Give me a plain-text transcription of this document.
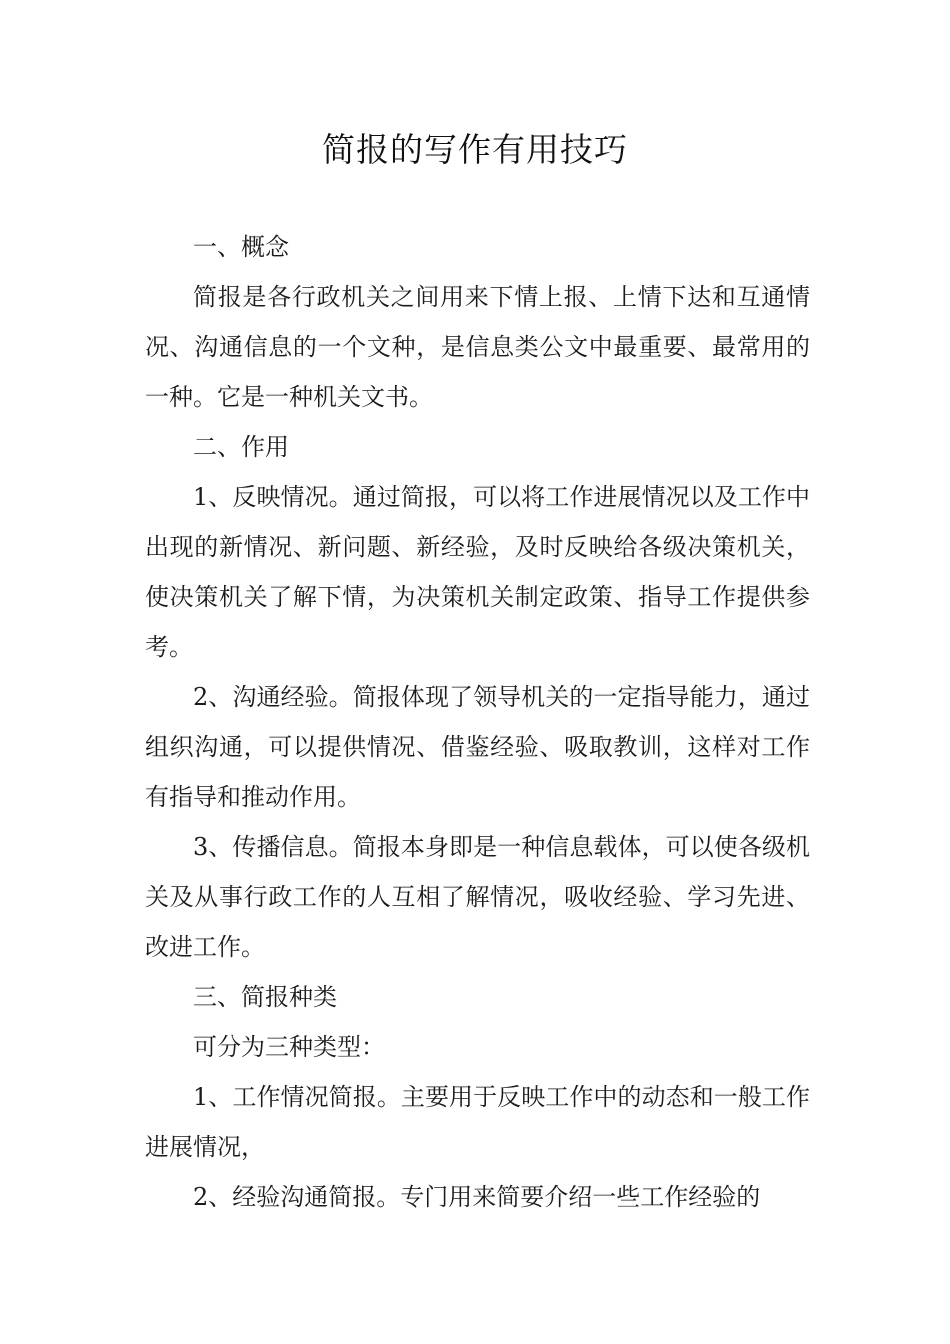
简报的写作有用技巧

一、概念

简报是各行政机关之间用来下情上报、上情下达和互通情况、沟通信息的一个文种，是信息类公文中最重要、最常用的一种。它是一种机关文书。

二、作用

1、反映情况。通过简报，可以将工作进展情况以及工作中出现的新情况、新问题、新经验，及时反映给各级决策机关，使决策机关了解下情，为决策机关制定政策、指导工作提供参考。

2、沟通经验。简报体现了领导机关的一定指导能力，通过组织沟通，可以提供情况、借鉴经验、吸取教训，这样对工作有指导和推动作用。

3、传播信息。简报本身即是一种信息载体，可以使各级机关及从事行政工作的人互相了解情况，吸收经验、学习先进、改进工作。

三、简报种类

可分为三种类型：

1、工作情况简报。主要用于反映工作中的动态和一般工作进展情况，

2、经验沟通简报。专门用来简要介绍一些工作经验的
